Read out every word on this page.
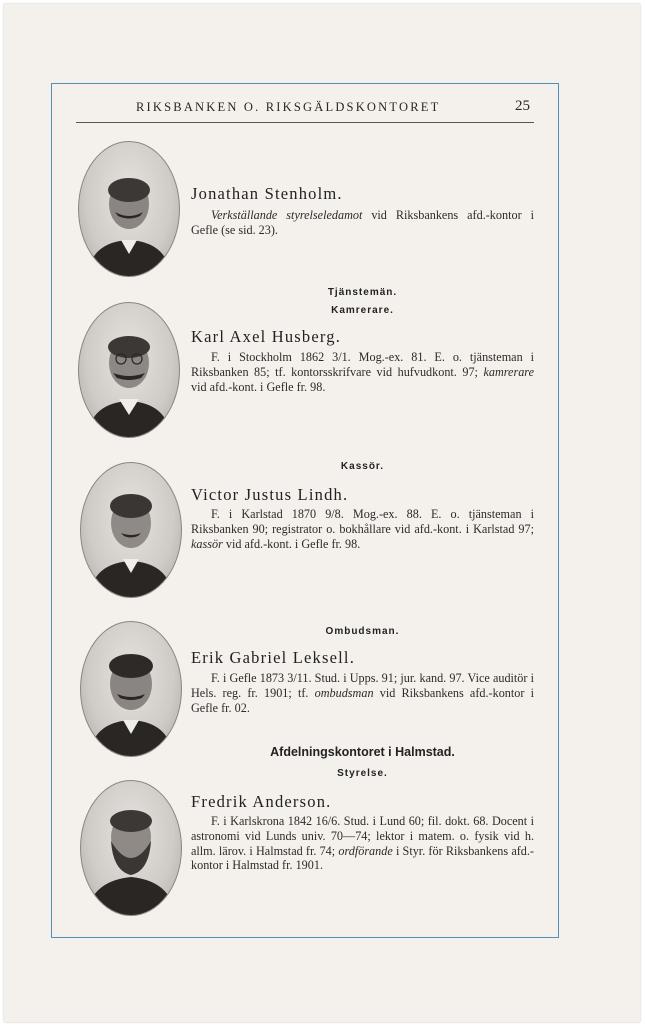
RIKSBANKEN O. RIKSGÄLDSKONTORET	25
Jonathan Stenholm.
Verkställande styrelseledamot vid Riksbankens afd.-kontor i Gefle (se sid. 23).
Tjänstemän.
Kamrerare.
Karl Axel Husberg.
F. i Stockholm 1862 3/1. Mog.-ex. 81. E. o. tjänsteman i Riksbanken 85; tf. kontorsskrifvare vid hufvudkont. 97; kamrerare vid afd.-kont. i Gefle fr. 98.
Kassör.
Victor Justus Lindh.
F. i Karlstad 1870 9/8. Mog.-ex. 88. E. o. tjänsteman i Riksbanken 90; registrator o. bokhållare vid afd.-kont. i Karlstad 97; kassör vid afd.-kont. i Gefle fr. 98.
Ombudsman.
Erik Gabriel Leksell.
F. i Gefle 1873 3/11. Stud. i Upps. 91; jur. kand. 97. Vice auditör i Hels. reg. fr. 1901; tf. ombudsman vid Riksbankens afd.-kontor i Gefle fr. 02.
Afdelningskontoret i Halmstad.
Styrelse.
Fredrik Anderson.
F. i Karlskrona 1842 16/6. Stud. i Lund 60; fil. dokt. 68. Docent i astronomi vid Lunds univ. 70—74; lektor i matem. o. fysik vid h. allm. lärov. i Halmstad fr. 74; ordförande i Styr. för Riksbankens afd.-kontor i Halmstad fr. 1901.
